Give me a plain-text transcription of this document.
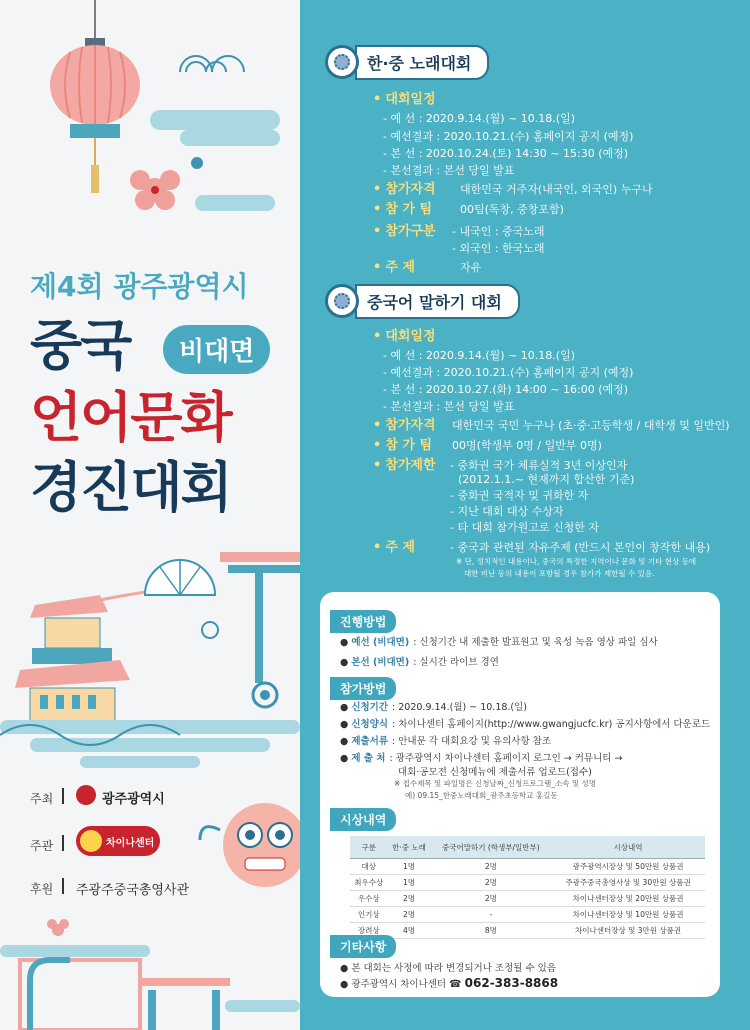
제4회 광주광역시
중국	비대면
언어문화
경진대회
주최	광주광역시
주관	차이나센터
후원 주광주중국총영사관
한·중 노래대회
• 대회일정
- 예 선 : 2020.9.14.(월) ~ 10.18.(일)
- 예선결과 : 2020.10.21.(수) 홈페이지 공지 (예정)
- 본 선 : 2020.10.24.(토) 14:30 ~ 15:30 (예정)
- 본선결과 : 본선 당일 발표
• 참가자격 대한민국 거주자(내국인, 외국인) 누구나
• 참 가 팀	00팀(독창, 중창포함)
• 참가구분 - 내국인 : 중국노래
- 외국인 : 한국노래
• 주 제	자유
중국어 말하기 대회
• 대회일정
- 예 선 : 2020.9.14.(월) ~ 10.18.(일)
- 예선결과 : 2020.10.21.(수) 홈페이지 공지 (예정)
- 본 선 : 2020.10.27.(화) 14:00 ~ 16:00 (예정)
- 본선결과 : 본선 당일 발표
• 참가자격 대한민국 국민 누구나 (초·중·고등학생 / 대학생 및 일반인)
• 참 가 팀 00명(학생부 0명 / 일반부 0명)
• 참가제한 - 중화권 국가 체류실적 3년 이상인자
(2012.1.1.~ 현재까지 합산한 기준)
- 중화권 국적자 및 귀화한 자
- 지난 대회 대상 수상자
- 타 대회 참가원고로 신청한 자
• 주 제	- 중국과 관련된 자유주제 (반드시 본인이 창작한 내용)
※ 단, 정치적인 내용이나, 중국의 특정한 지역이나 문화 및 기타 현상 등에
대한 비난 등의 내용이 포함될 경우 참가가 제한될 수 있음.
진행방법
● 예선 (비대면) : 신청기간 내 제출한 발표원고 및 육성 녹음 영상 파일 심사
● 본선 (비대면) : 실시간 라이브 경연
참가방법
● 신청기간 : 2020.9.14.(월) ~ 10.18.(일)
● 신청양식 : 차이나센터 홈페이지(http://www.gwangjucfc.kr) 공지사항에서 다운로드
● 제출서류 : 안내문 각 대회요강 및 유의사항 참조
● 제 출 처 : 광주광역시 차이나센터 홈페이지 로그인 → 커뮤니티 →
대회·공모전 신청메뉴에 제출서류 업로드(접수)
※ 접수제목 및 파일명은 신청날짜_신청프로그램_소속 및 성명
예) 09.15_한중노래대회_광주초등학교 홍길동
시상내역
구분	한·중 노래	중국어말하기 (학생부/일반부)	시상내역
대상	1명	2명	광주광역시장상 및 50만원 상품권
최우수상	1명	2명	주광주중국총영사상 및 30만원 상품권
우수상	2명	2명	차이나센터장상 및 20만원 상품권
인기상	2명	-	차이나센터장상 및 10만원 상품권
장려상	4명	8명	차이나센터장상 및 3만원 상품권
기타사항
● 본 대회는 사정에 따라 변경되거나 조정될 수 있음
● 광주광역시 차이나센터 ☎ 062-383-8868
